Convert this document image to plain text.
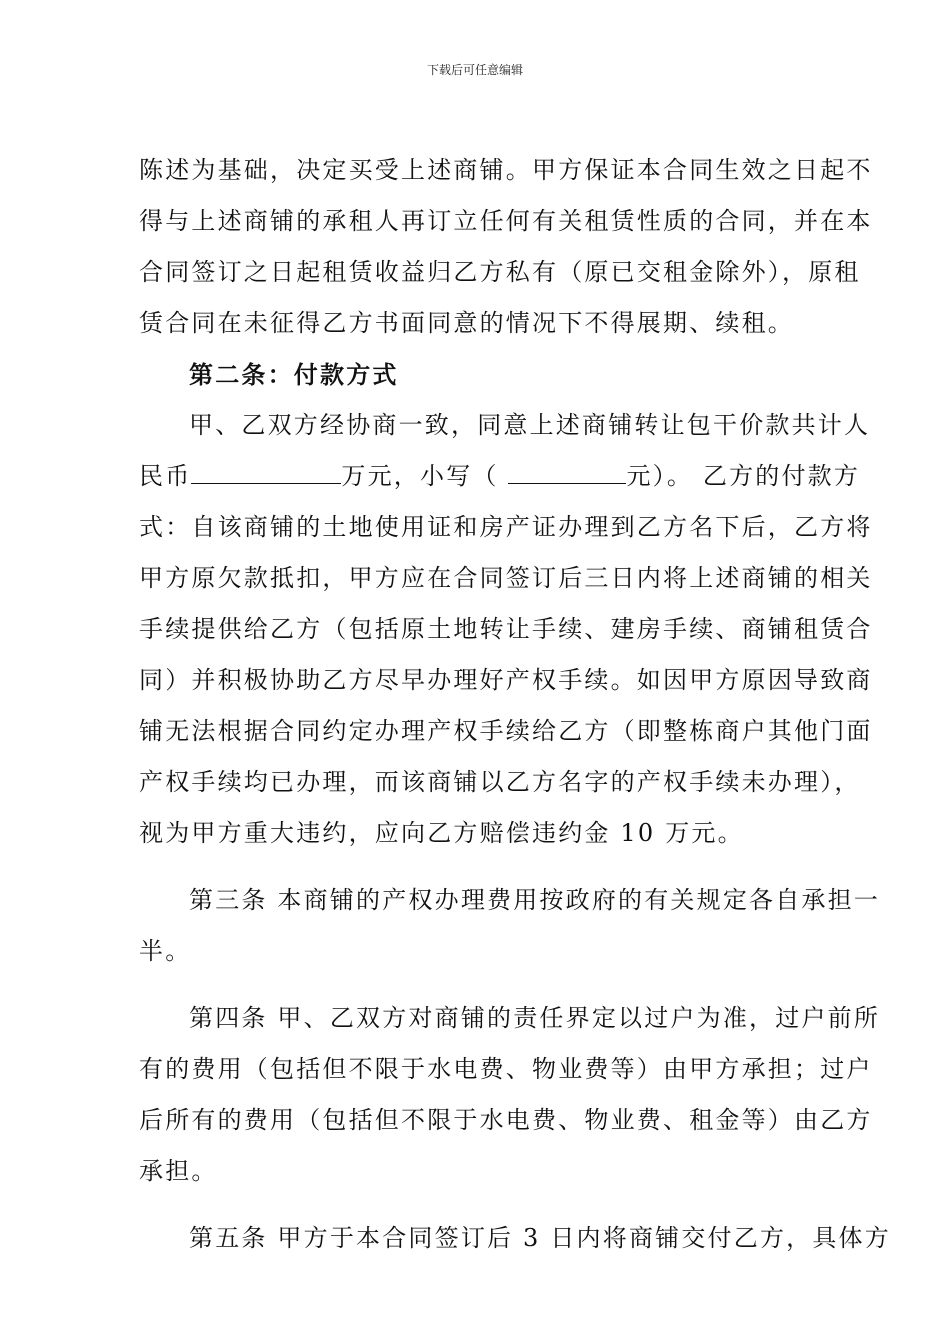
下载后可任意编辑
陈述为基础，决定买受上述商铺。甲方保证本合同生效之日起不
得与上述商铺的承租人再订立任何有关租赁性质的合同，并在本
合同签订之日起租赁收益归乙方私有（原已交租金除外），原租
赁合同在未征得乙方书面同意的情况下不得展期、续租。
第二条：付款方式
甲、乙双方经协商一致，同意上述商铺转让包干价款共计人
民币	万元，小写（	元）。 乙方的付款方
式：自该商铺的土地使用证和房产证办理到乙方名下后，乙方将
甲方原欠款抵扣，甲方应在合同签订后三日内将上述商铺的相关
手续提供给乙方（包括原土地转让手续、建房手续、商铺租赁合
同）并积极协助乙方尽早办理好产权手续。如因甲方原因导致商
铺无法根据合同约定办理产权手续给乙方（即整栋商户其他门面
产权手续均已办理，而该商铺以乙方名字的产权手续未办理），
视为甲方重大违约，应向乙方赔偿违约金 10 万元。
第三条 本商铺的产权办理费用按政府的有关规定各自承担一
半。
第四条 甲、乙双方对商铺的责任界定以过户为准，过户前所
有的费用（包括但不限于水电费、物业费等）由甲方承担；过户
后所有的费用（包括但不限于水电费、物业费、租金等）由乙方
承担。
第五条 甲方于本合同签订后 3 日内将商铺交付乙方，具体方
